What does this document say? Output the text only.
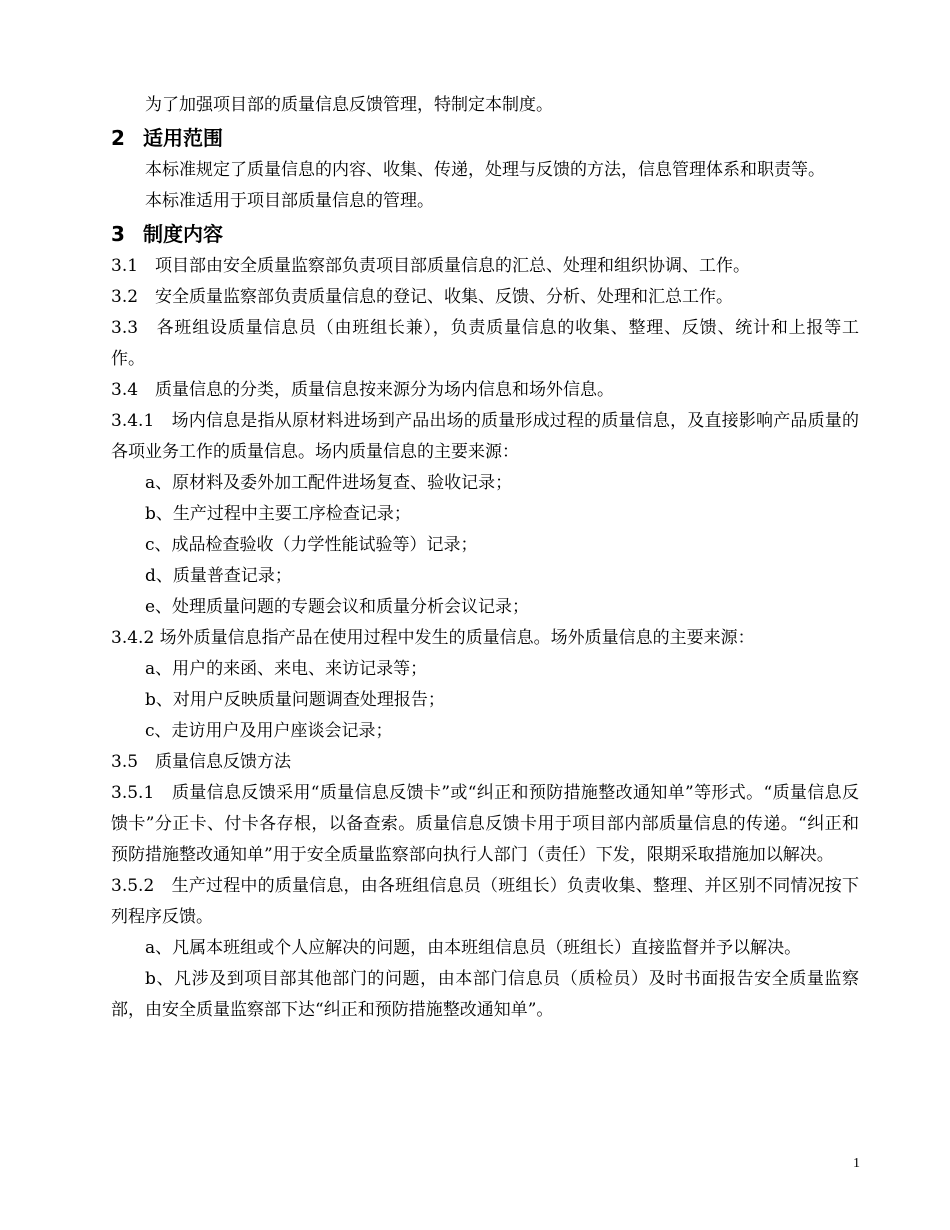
为了加强项目部的质量信息反馈管理，特制定本制度。

2 适用范围

本标准规定了质量信息的内容、收集、传递，处理与反馈的方法，信息管理体系和职责等。

本标准适用于项目部质量信息的管理。

3 制度内容

3.1　项目部由安全质量监察部负责项目部质量信息的汇总、处理和组织协调、工作。

3.2　安全质量监察部负责质量信息的登记、收集、反馈、分析、处理和汇总工作。

3.3　各班组设质量信息员（由班组长兼），负责质量信息的收集、整理、反馈、统计和上报等工作。

3.4　质量信息的分类，质量信息按来源分为场内信息和场外信息。

3.4.1　场内信息是指从原材料进场到产品出场的质量形成过程的质量信息，及直接影响产品质量的各项业务工作的质量信息。场内质量信息的主要来源：

a、原材料及委外加工配件进场复查、验收记录；

b、生产过程中主要工序检查记录；

c、成品检查验收（力学性能试验等）记录；

d、质量普查记录；

e、处理质量问题的专题会议和质量分析会议记录；

3.4.2 场外质量信息指产品在使用过程中发生的质量信息。场外质量信息的主要来源：

a、用户的来函、来电、来访记录等；

b、对用户反映质量问题调查处理报告；

c、走访用户及用户座谈会记录；

3.5　质量信息反馈方法

3.5.1　质量信息反馈采用“质量信息反馈卡”或“纠正和预防措施整改通知单”等形式。“质量信息反馈卡”分正卡、付卡各存根，以备查索。质量信息反馈卡用于项目部内部质量信息的传递。“纠正和预防措施整改通知单”用于安全质量监察部向执行人部门（责任）下发，限期采取措施加以解决。

3.5.2　生产过程中的质量信息，由各班组信息员（班组长）负责收集、整理、并区别不同情况按下列程序反馈。

a、凡属本班组或个人应解决的问题，由本班组信息员（班组长）直接监督并予以解决。

b、凡涉及到项目部其他部门的问题，由本部门信息员（质检员）及时书面报告安全质量监察部，由安全质量监察部下达“纠正和预防措施整改通知单”。

1
